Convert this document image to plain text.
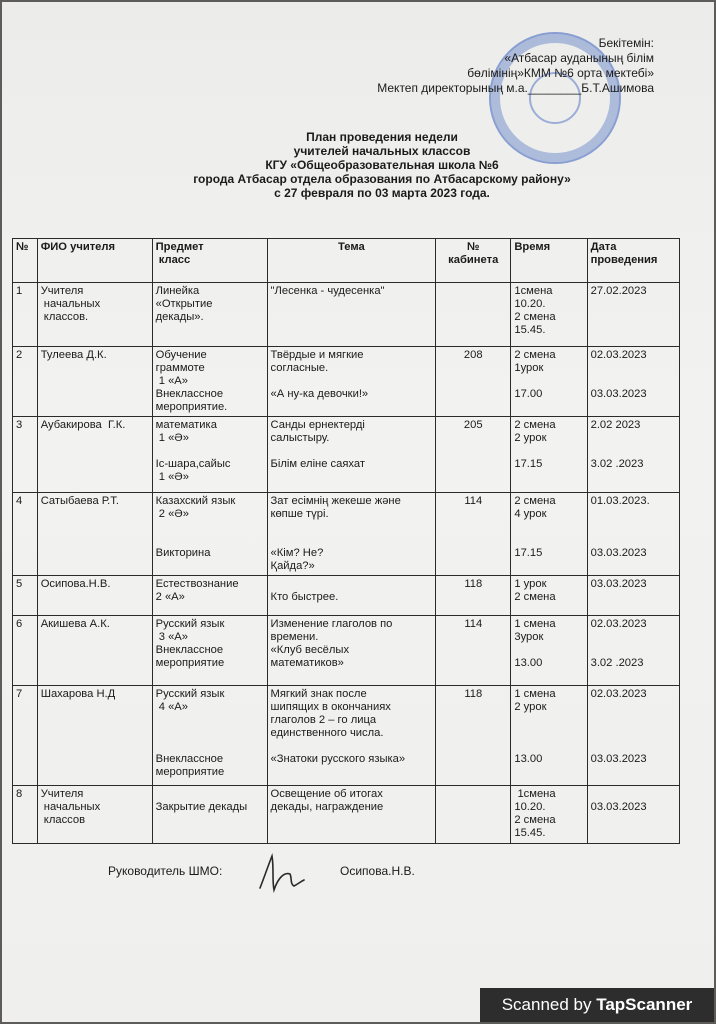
Бекітемін:
«Атбасар ауданының білім
бөлімінің»КММ №6 орта мектебі»
Мектеп директорының м.а.________Б.Т.Ашимова
План проведения недели
учителей начальных классов
КГУ «Общеобразовательная школа №6
города Атбасар отдела образования по Атбасарскому району»
с 27 февраля по 03 марта 2023 года.
№	ФИО учителя	Предмет
класс	Тема	№
кабинета	Время	Дата
проведения

1	Учителя
начальных
классов.	Линейка
«Открытие
декады».	"Лесенка - чудесенка"		1смена
10.20.
2 смена
15.45.	27.02.2023

2	Тулеева Д.К.	Обучение
граммоте
1 «А»
Внеклассное
мероприятие.	Твёрдые и мягкие
согласные.

«А ну-ка девочки!»	208	2 смена
1урок

17.00	02.03.2023

03.03.2023

3	Аубакирова  Г.К.	математика
1 «Ә»

Іс-шара,сайыс
1 «Ә»	Санды ернектерді
салыстыру.

Білім еліне саяхат	205	2 смена
2 урок

17.15	2.02 2023

3.02 .2023

4	Сатыбаева Р.Т.	Казахский язык
2 «Ә»

Викторина	Зат есімнің жекеше және
көпше түрі.

«Кім? Не?
Қайда?»	114	2 смена
4 урок

17.15	01.03.2023.

03.03.2023

5	Осипова.Н.В.	Естествознание
2 «А»	Кто быстрее.	118	1 урок
2 смена	03.03.2023

6	Акишева А.К.	Русский язык
3 «А»
Внеклассное
мероприятие	Изменение глаголов по
времени.
«Клуб весёлых
математиков»	114	1 смена
3урок

13.00	02.03.2023

3.02 .2023

7	Шахарова Н.Д	Русский язык
4 «А»

Внеклассное
мероприятие	Мягкий знак после
шипящих в окончаниях
глаголов 2 – го лица
единственного числа.

«Знатоки русского языка»	118	1 смена
2 урок

13.00	02.03.2023

03.03.2023

8	Учителя
начальных
классов	Закрытие декады	Освещение об итогах
декады, награждение		1смена
10.20.
2 смена
15.45.	03.03.2023
Руководитель ШМО:	Осипова.Н.В.
Scanned by TapScanner
